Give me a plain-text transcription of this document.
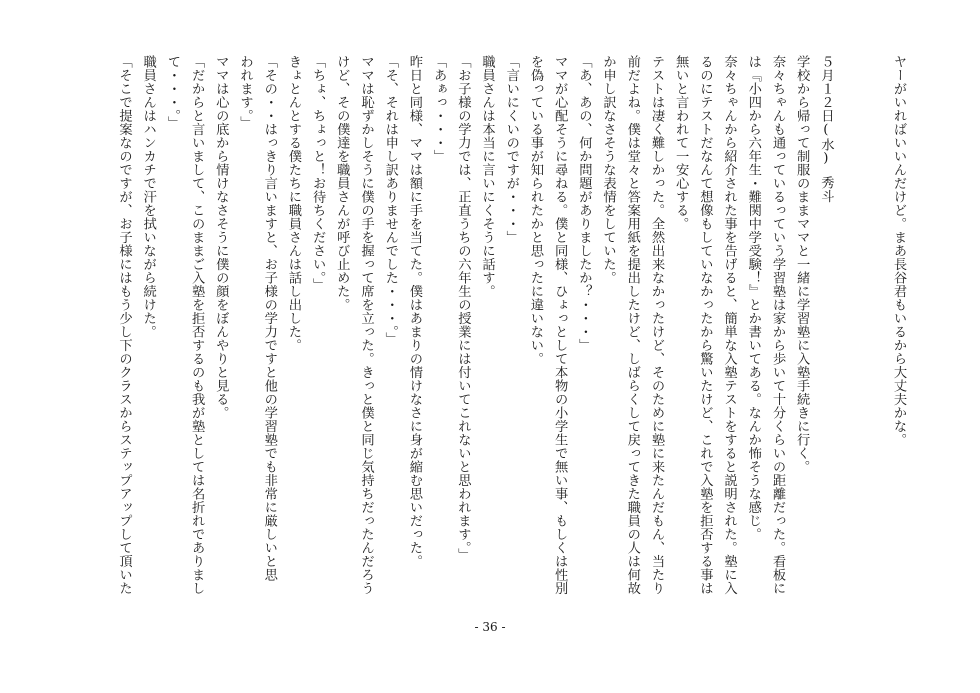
ヤーがいればいいんだけど。まあ長谷君もいるから大丈夫かな。

５月１２日(水)秀斗
学校から帰って制服のままママと一緒に学習塾に入塾手続きに行く。
奈々ちゃんも通っているっていう学習塾は家から歩いて十分くらいの距離だった。看板に
は『小四から六年生・難関中学受験！』とか書いてある。なんか怖そうな感じ。
奈々ちゃんから紹介された事を告げると、簡単な入塾テストをすると説明された。塾に入
るのにテストだなんて想像もしていなかったから驚いたけど、これで入塾を拒否する事は
無いと言われて一安心する。
テストは凄く難しかった。全然出来なかったけど、そのために塾に来たんだもん、当たり
前だよね。僕は堂々と答案用紙を提出したけど、しばらくして戻ってきた職員の人は何故
か申し訳なさそうな表情をしていた。
「あ、あの、何か問題がありましたか？・・・」
ママが心配そうに尋ねる。僕と同様、ひょっとして本物の小学生で無い事、もしくは性別
を偽っている事が知られたかと思ったに違いない。
「言いにくいのですが・・・」
職員さんは本当に言いにくそうに話す。
「お子様の学力では、正直うちの六年生の授業には付いてこれないと思われます。」
「あぁっ・・・」
昨日と同様、ママは額に手を当てた。僕はあまりの情けなさに身が縮む思いだった。
「そ、それは申し訳ありませんでした・・・。」
ママは恥ずかしそうに僕の手を握って席を立った。きっと僕と同じ気持ちだったんだろう
けど、その僕達を職員さんが呼び止めた。
「ちょ、ちょっと！お待ちください。」
きょとんとする僕たちに職員さんは話し出した。
「その・・はっきり言いますと、お子様の学力ですと他の学習塾でも非常に厳しいと思
われます。」
ママは心の底から情けなさそうに僕の顔をぼんやりと見る。
「だからと言いまして、このままご入塾を拒否するのも我が塾としては名折れでありまし
て・・・。」
職員さんはハンカチで汗を拭いながら続けた。
「そこで提案なのですが、お子様にはもう少し下のクラスからステップアップして頂いた
- 36 -
